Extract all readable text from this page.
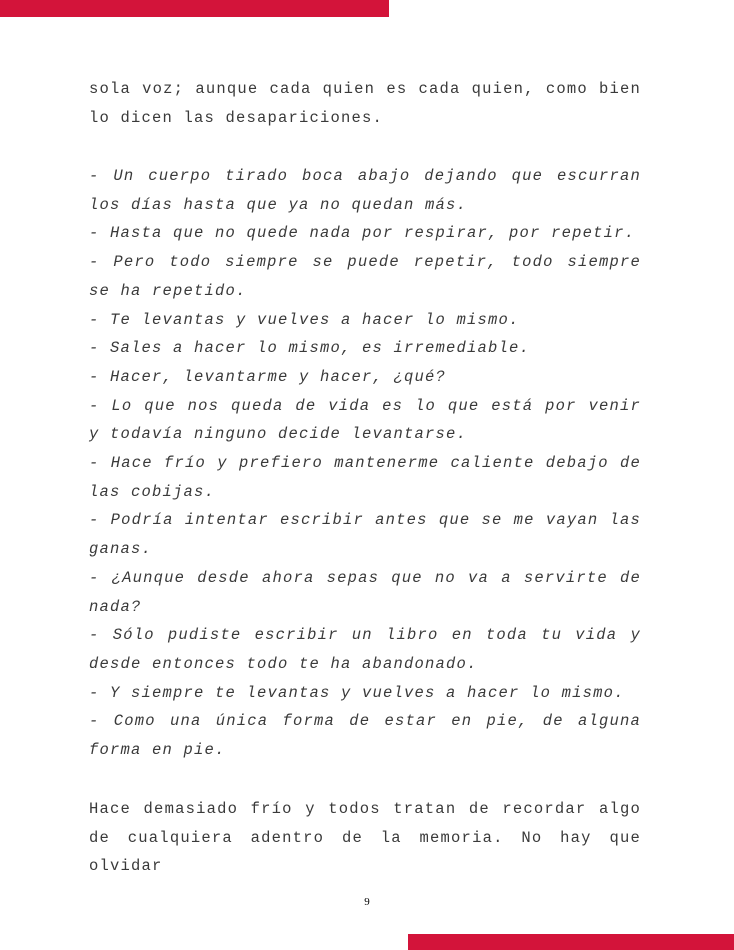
sola voz; aunque cada quien es cada quien, como bien lo dicen las desapariciones.

- Un cuerpo tirado boca abajo dejando que escurran los días hasta que ya no quedan más.

- Hasta que no quede nada por respirar, por repetir.

- Pero todo siempre se puede repetir, todo siempre se ha repetido.

- Te levantas y vuelves a hacer lo mismo.

- Sales a hacer lo mismo, es irremediable.

- Hacer, levantarme y hacer, ¿qué?

- Lo que nos queda de vida es lo que está por venir y todavía ninguno decide levantarse.

- Hace frío y prefiero mantenerme caliente debajo de las cobijas.

- Podría intentar escribir antes que se me vayan las ganas.

- ¿Aunque desde ahora sepas que no va a servirte de nada?

- Sólo pudiste escribir un libro en toda tu vida y desde entonces todo te ha abandonado.

- Y siempre te levantas y vuelves a hacer lo mismo.

- Como una única forma de estar en pie, de alguna forma en pie.

Hace demasiado frío y todos tratan de recordar algo de cualquiera adentro de la memoria. No hay que olvidar

9
